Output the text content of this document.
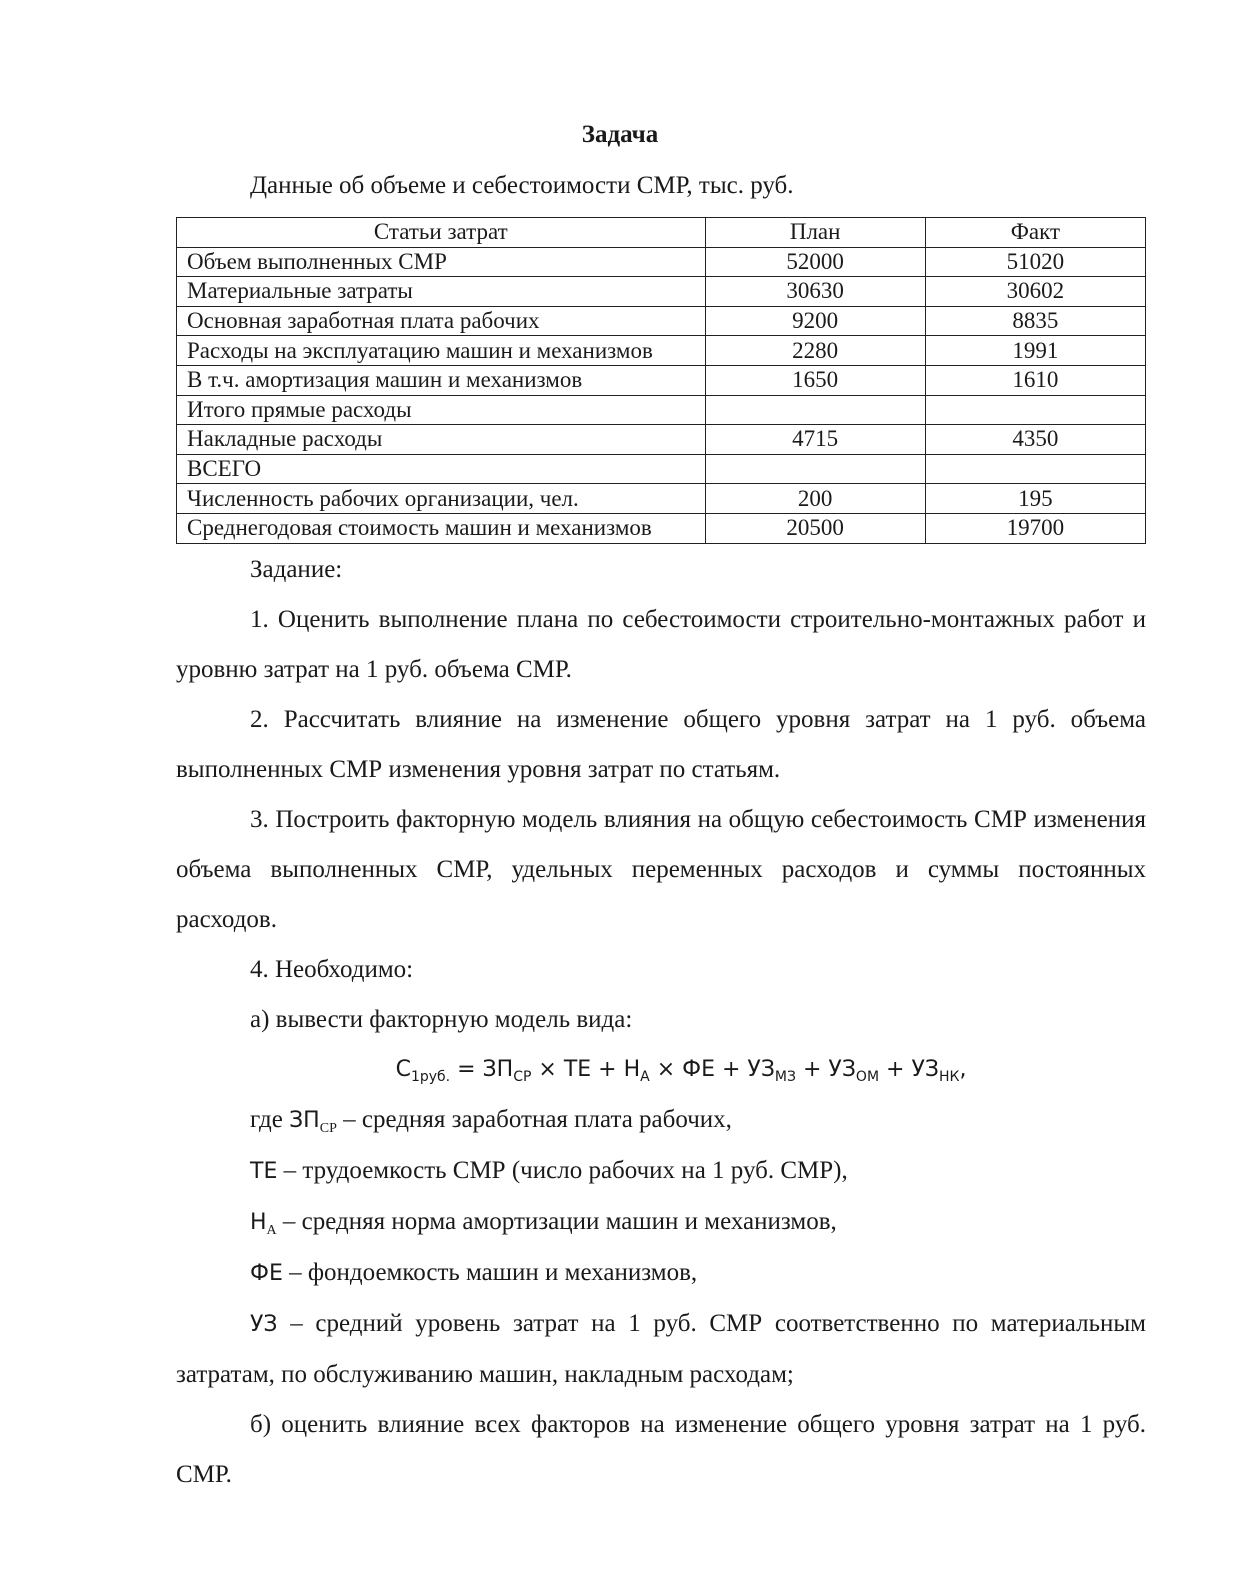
Задача
Данные об объеме и себестоимости СМР, тыс. руб.
Статьи затрат	План	Факт
Объем выполненных СМР	52000	51020
Материальные затраты	30630	30602
Основная заработная плата рабочих	9200	8835
Расходы на эксплуатацию машин и механизмов	2280	1991
В т.ч. амортизация машин и механизмов	1650	1610
Итого прямые расходы		
Накладные расходы	4715	4350
ВСЕГО		
Численность рабочих организации, чел.	200	195
Среднегодовая стоимость машин и механизмов	20500	19700

Задание:

1. Оценить выполнение плана по себестоимости строительно-монтажных работ и уровню затрат на 1 руб. объема СМР.

2. Рассчитать влияние на изменение общего уровня затрат на 1 руб. объема выполненных СМР изменения уровня затрат по статьям.

3. Построить факторную модель влияния на общую себестоимость СМР изменения объема выполненных СМР, удельных переменных расходов и суммы постоянных расходов.

4. Необходимо:

а) вывести факторную модель вида:

$С_{1руб.} = ЗП_{СР}$ × ТЕ + $Н_А$ × ФЕ + $УЗ_{МЗ} + УЗ_{ОМ} + УЗ_{НК}$,

где $ЗП_{СР}$ – средняя заработная плата рабочих,

ТЕ – трудоемкость СМР (число рабочих на 1 руб. СМР),

$Н_А$ – средняя норма амортизации машин и механизмов,

ФЕ – фондоемкость машин и механизмов,

УЗ – средний уровень затрат на 1 руб. СМР соответственно по материальным затратам, по обслуживанию машин, накладным расходам;

б) оценить влияние всех факторов на изменение общего уровня затрат на 1 руб. СМР.
